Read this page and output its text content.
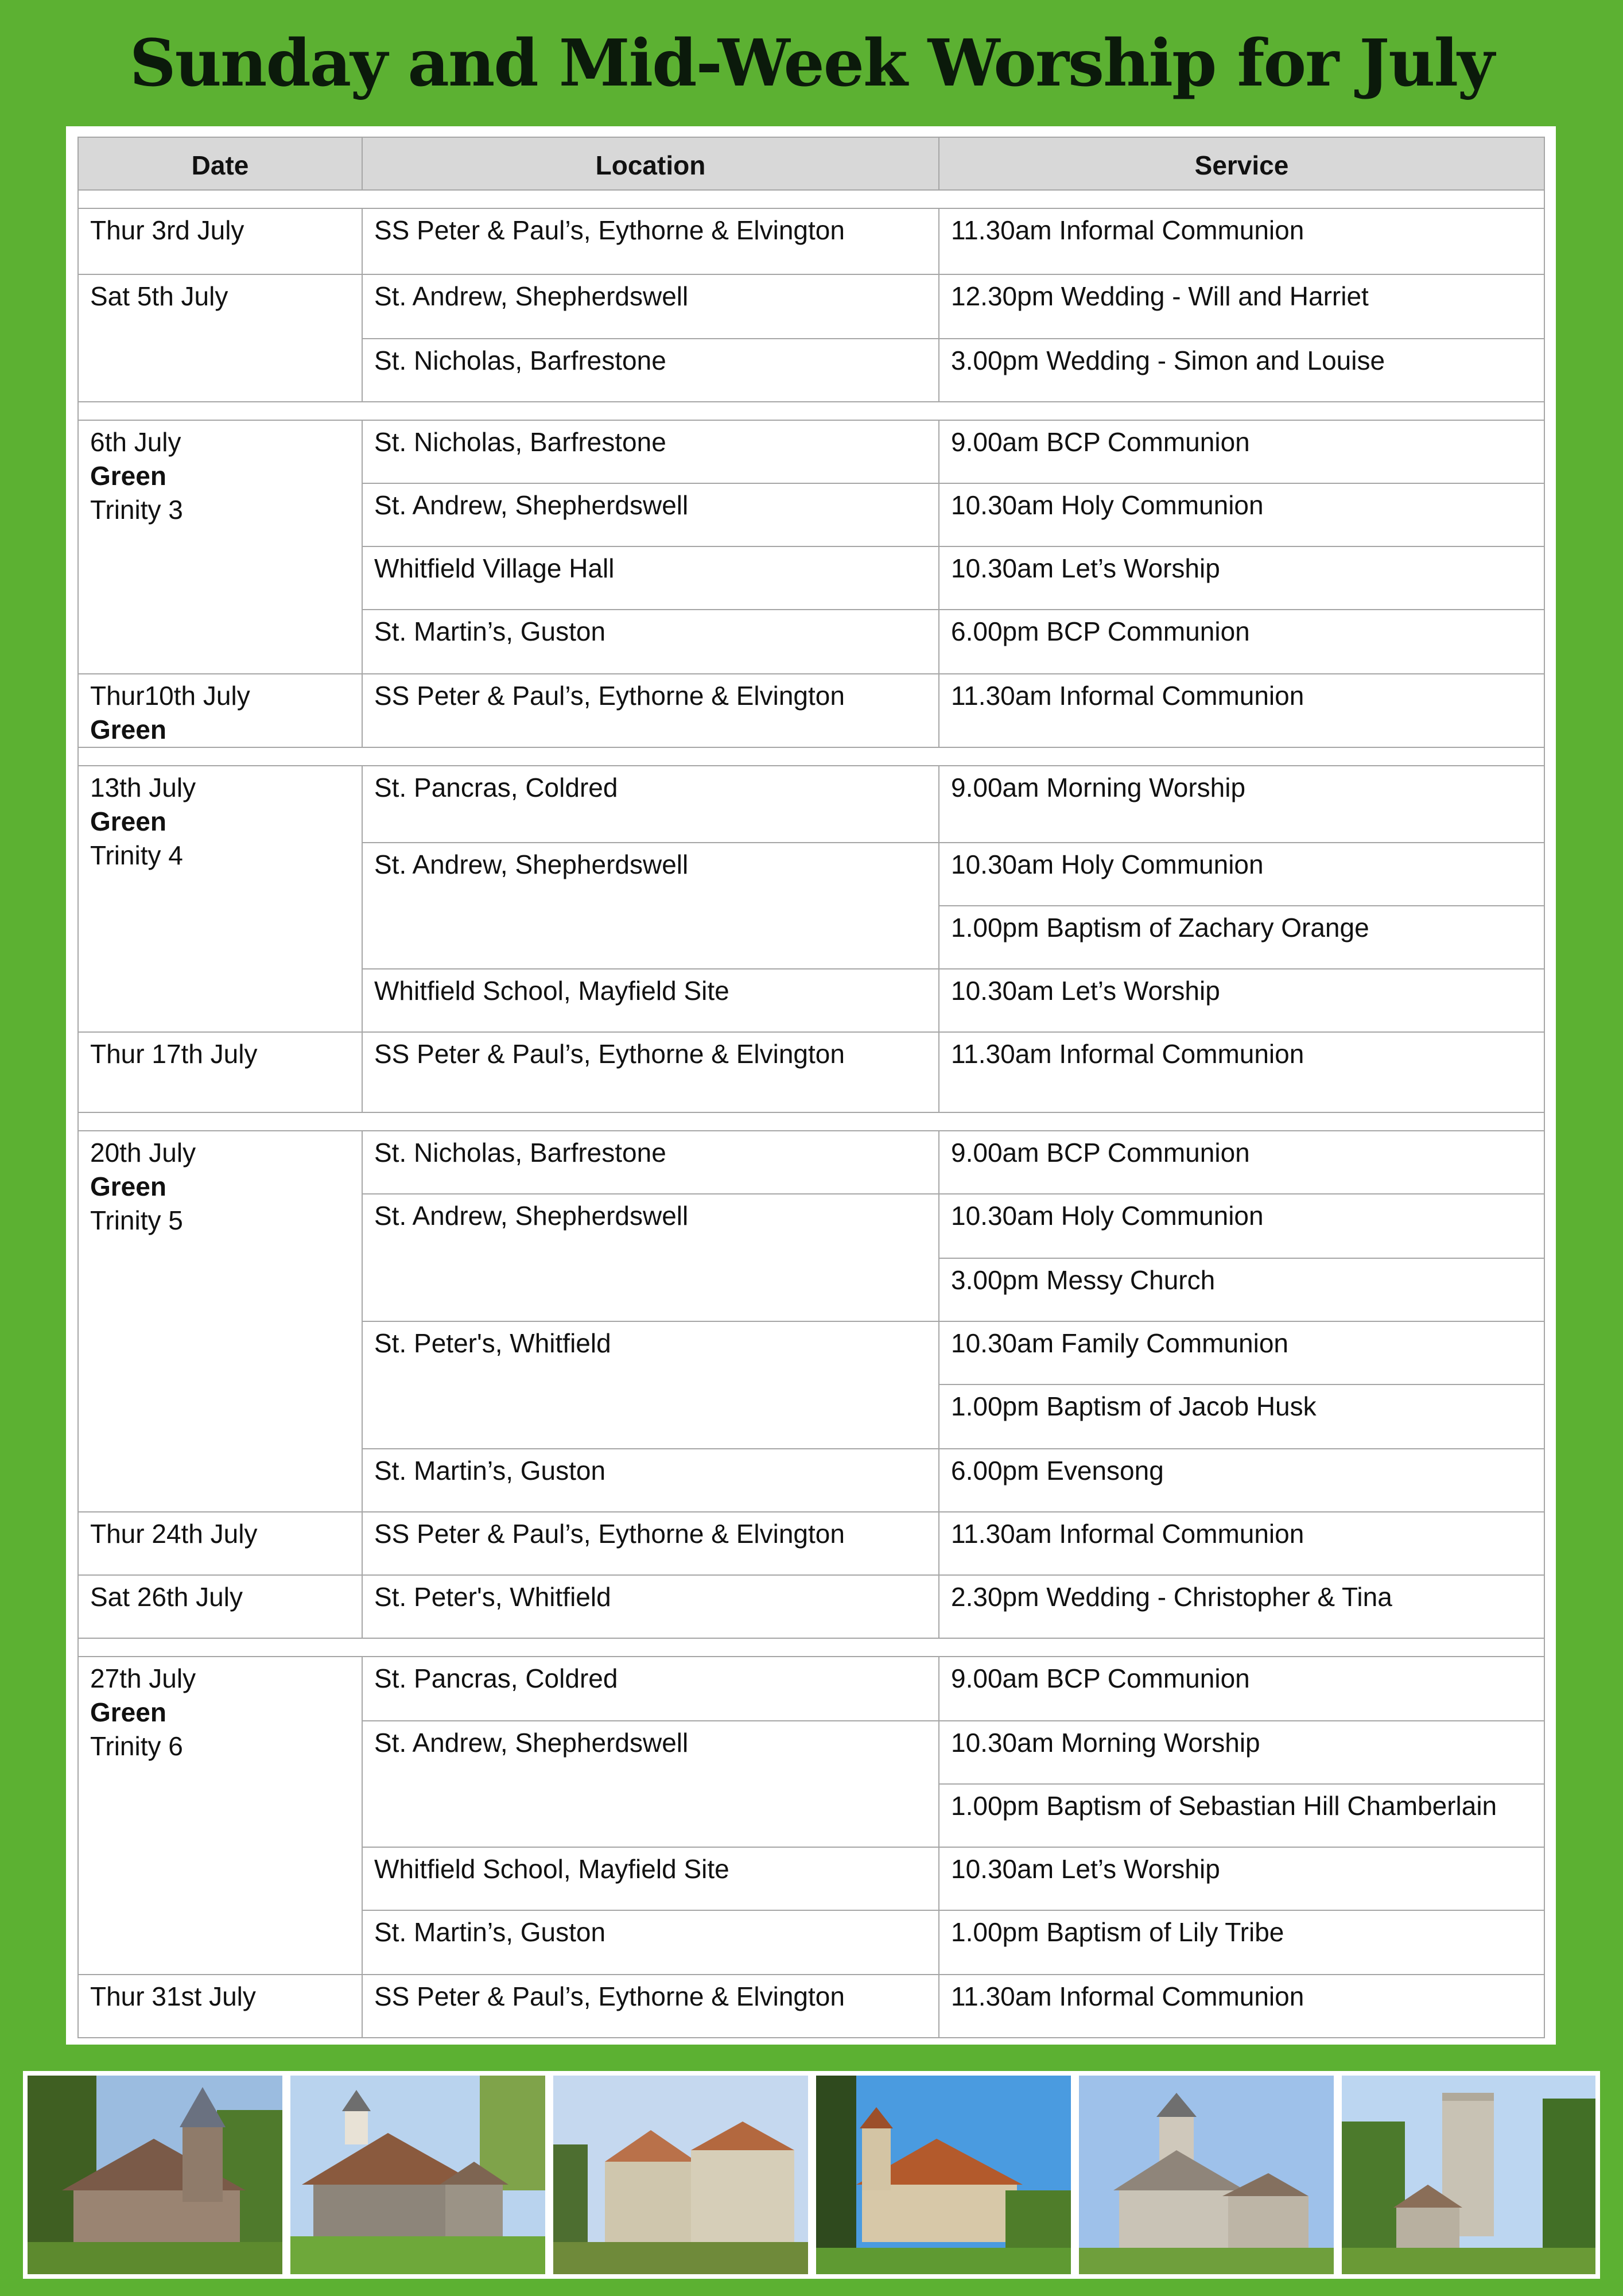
Sunday and Mid-Week Worship for July
Date	Location	Service

Thur 3rd July	SS Peter & Paul’s, Eythorne & Elvington	11.30am Informal Communion

Sat 5th July	St. Andrew, Shepherdswell	12.30pm Wedding - Will and Harriet
	St. Nicholas, Barfrestone	3.00pm Wedding - Simon and Louise

6th July
Green
Trinity 3	St. Nicholas, Barfrestone	9.00am BCP Communion
	St. Andrew, Shepherdswell	10.30am Holy Communion
	Whitfield Village Hall	10.30am Let’s Worship
	St. Martin’s, Guston	6.00pm BCP Communion

Thur10th July
Green	SS Peter & Paul’s, Eythorne & Elvington	11.30am Informal Communion

13th July
Green
Trinity 4	St. Pancras, Coldred	9.00am Morning Worship
	St. Andrew, Shepherdswell	10.30am Holy Communion
		1.00pm Baptism of Zachary Orange
	Whitfield School, Mayfield Site	10.30am Let’s Worship

Thur 17th July	SS Peter & Paul’s, Eythorne & Elvington	11.30am Informal Communion

20th July
Green
Trinity 5	St. Nicholas, Barfrestone	9.00am BCP Communion
	St. Andrew, Shepherdswell	10.30am Holy Communion
		3.00pm Messy Church
	St. Peter's, Whitfield	10.30am Family Communion
		1.00pm Baptism of Jacob Husk
	St. Martin’s, Guston	6.00pm Evensong

Thur 24th July	SS Peter & Paul’s, Eythorne & Elvington	11.30am Informal Communion

Sat 26th July	St. Peter's, Whitfield	2.30pm Wedding - Christopher & Tina

27th July
Green
Trinity 6	St. Pancras, Coldred	9.00am BCP Communion
	St. Andrew, Shepherdswell	10.30am Morning Worship
		1.00pm Baptism of Sebastian Hill Chamberlain
	Whitfield School, Mayfield Site	10.30am Let’s Worship
	St. Martin’s, Guston	1.00pm Baptism of Lily Tribe

Thur 31st July	SS Peter & Paul’s, Eythorne & Elvington	11.30am Informal Communion
